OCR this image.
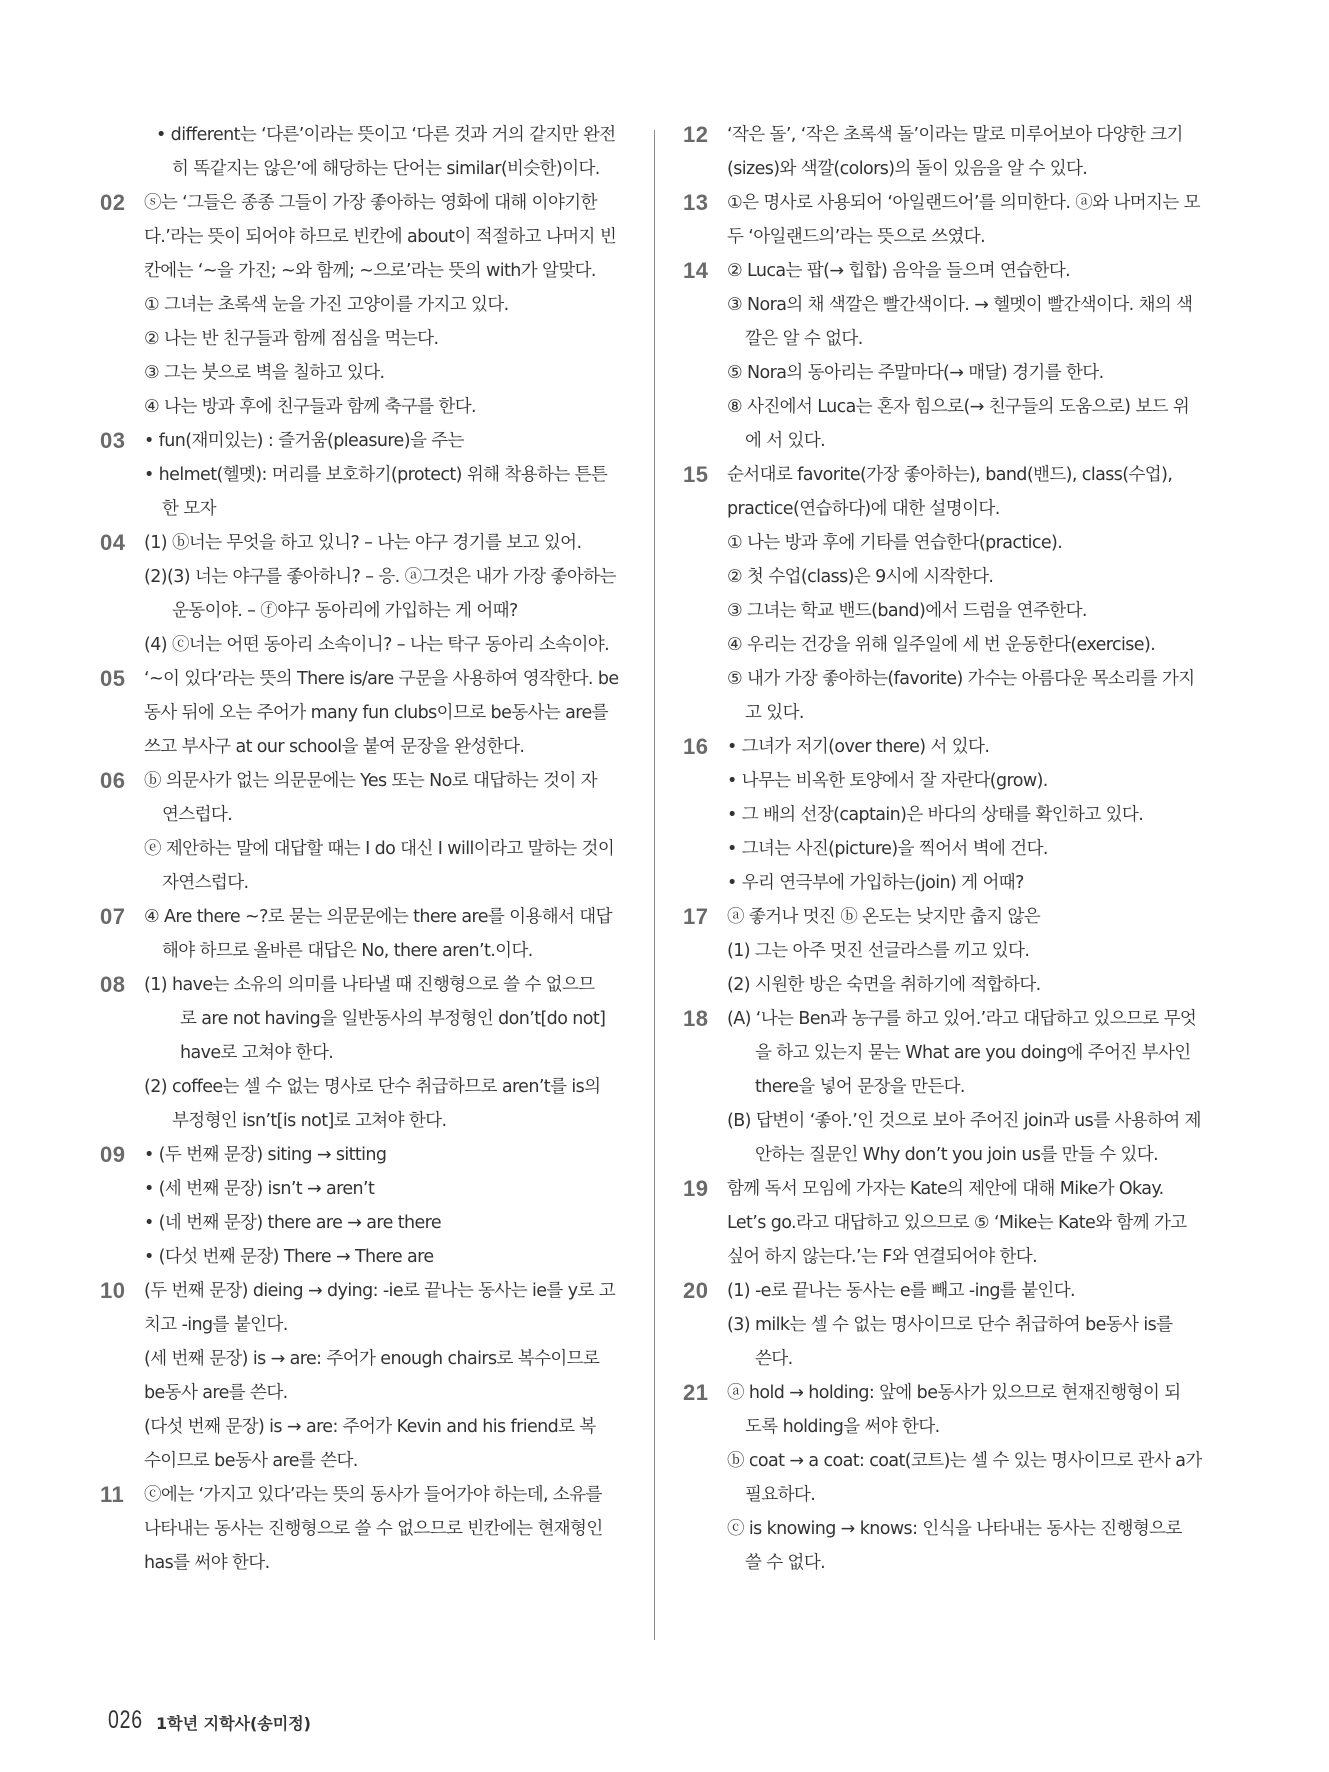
• different는 ‘다른’이라는 뜻이고 ‘다른 것과 거의 같지만 완전
히 똑같지는 않은’에 해당하는 단어는 similar(비슷한)이다.
02 ⓢ는 ‘그들은 종종 그들이 가장 좋아하는 영화에 대해 이야기한
다.’라는 뜻이 되어야 하므로 빈칸에 about이 적절하고 나머지 빈
칸에는 ‘~을 가진; ~와 함께; ~으로’라는 뜻의 with가 알맞다.
① 그녀는 초록색 눈을 가진 고양이를 가지고 있다.
② 나는 반 친구들과 함께 점심을 먹는다.
③ 그는 붓으로 벽을 칠하고 있다.
④ 나는 방과 후에 친구들과 함께 축구를 한다.
03 • fun(재미있는) : 즐거움(pleasure)을 주는
• helmet(헬멧): 머리를 보호하기(protect) 위해 착용하는 튼튼
한 모자
04 (1) ⓑ너는 무엇을 하고 있니? – 나는 야구 경기를 보고 있어.
(2)(3) 너는 야구를 좋아하니? – 응. ⓐ그것은 내가 가장 좋아하는
운동이야. – ⓕ야구 동아리에 가입하는 게 어때?
(4) ⓒ너는 어떤 동아리 소속이니? – 나는 탁구 동아리 소속이야.
05 ‘~이 있다’라는 뜻의 There is/are 구문을 사용하여 영작한다. be
동사 뒤에 오는 주어가 many fun clubs이므로 be동사는 are를
쓰고 부사구 at our school을 붙여 문장을 완성한다.
06 ⓑ 의문사가 없는 의문문에는 Yes 또는 No로 대답하는 것이 자
연스럽다.
ⓔ 제안하는 말에 대답할 때는 I do 대신 I will이라고 말하는 것이
자연스럽다.
07 ④ Are there ~?로 묻는 의문문에는 there are를 이용해서 대답
해야 하므로 올바른 대답은 No, there aren’t.이다.
08 (1) have는 소유의 의미를 나타낼 때 진행형으로 쓸 수 없으므
로 are not having을 일반동사의 부정형인 don’t[do not]
have로 고쳐야 한다.
(2) coffee는 셀 수 없는 명사로 단수 취급하므로 aren’t를 is의
부정형인 isn’t[is not]로 고쳐야 한다.
09 • (두 번째 문장) siting → sitting
• (세 번째 문장) isn’t → aren’t
• (네 번째 문장) there are → are there
• (다섯 번째 문장) There → There are
10 (두 번째 문장) dieing → dying: -ie로 끝나는 동사는 ie를 y로 고
치고 -ing를 붙인다.
(세 번째 문장) is → are: 주어가 enough chairs로 복수이므로
be동사 are를 쓴다.
(다섯 번째 문장) is → are: 주어가 Kevin and his friend로 복
수이므로 be동사 are를 쓴다.
11 ⓒ에는 ‘가지고 있다’라는 뜻의 동사가 들어가야 하는데, 소유를
나타내는 동사는 진행형으로 쓸 수 없으므로 빈칸에는 현재형인
has를 써야 한다.
12 ‘작은 돌’, ‘작은 초록색 돌’이라는 말로 미루어보아 다양한 크기
(sizes)와 색깔(colors)의 돌이 있음을 알 수 있다.
13 ①은 명사로 사용되어 ‘아일랜드어’를 의미한다. ⓐ와 나머지는 모
두 ‘아일랜드의’라는 뜻으로 쓰였다.
14 ② Luca는 팝(→ 힙합) 음악을 들으며 연습한다.
③ Nora의 채 색깔은 빨간색이다. → 헬멧이 빨간색이다. 채의 색
깔은 알 수 없다.
⑤ Nora의 동아리는 주말마다(→ 매달) 경기를 한다.
⑧ 사진에서 Luca는 혼자 힘으로(→ 친구들의 도움으로) 보드 위
에 서 있다.
15 순서대로 favorite(가장 좋아하는), band(밴드), class(수업),
practice(연습하다)에 대한 설명이다.
① 나는 방과 후에 기타를 연습한다(practice).
② 첫 수업(class)은 9시에 시작한다.
③ 그녀는 학교 밴드(band)에서 드럼을 연주한다.
④ 우리는 건강을 위해 일주일에 세 번 운동한다(exercise).
⑤ 내가 가장 좋아하는(favorite) 가수는 아름다운 목소리를 가지
고 있다.
16 • 그녀가 저기(over there) 서 있다.
• 나무는 비옥한 토양에서 잘 자란다(grow).
• 그 배의 선장(captain)은 바다의 상태를 확인하고 있다.
• 그녀는 사진(picture)을 찍어서 벽에 건다.
• 우리 연극부에 가입하는(join) 게 어때?
17 ⓐ 좋거나 멋진 ⓑ 온도는 낮지만 춥지 않은
(1) 그는 아주 멋진 선글라스를 끼고 있다.
(2) 시원한 방은 숙면을 취하기에 적합하다.
18 (A) ‘나는 Ben과 농구를 하고 있어.’라고 대답하고 있으므로 무엇
을 하고 있는지 묻는 What are you doing에 주어진 부사인
there을 넣어 문장을 만든다.
(B) 답변이 ‘좋아.’인 것으로 보아 주어진 join과 us를 사용하여 제
안하는 질문인 Why don’t you join us를 만들 수 있다.
19 함께 독서 모임에 가자는 Kate의 제안에 대해 Mike가 Okay.
Let’s go.라고 대답하고 있으므로 ⑤ ‘Mike는 Kate와 함께 가고
싶어 하지 않는다.’는 F와 연결되어야 한다.
20 (1) -e로 끝나는 동사는 e를 빼고 -ing를 붙인다.
(3) milk는 셀 수 없는 명사이므로 단수 취급하여 be동사 is를
쓴다.
21 ⓐ hold → holding: 앞에 be동사가 있으므로 현재진행형이 되
도록 holding을 써야 한다.
ⓑ coat → a coat: coat(코트)는 셀 수 있는 명사이므로 관사 a가
필요하다.
ⓒ is knowing → knows: 인식을 나타내는 동사는 진행형으로
쓸 수 없다.
026 1학년 지학사(송미정)
